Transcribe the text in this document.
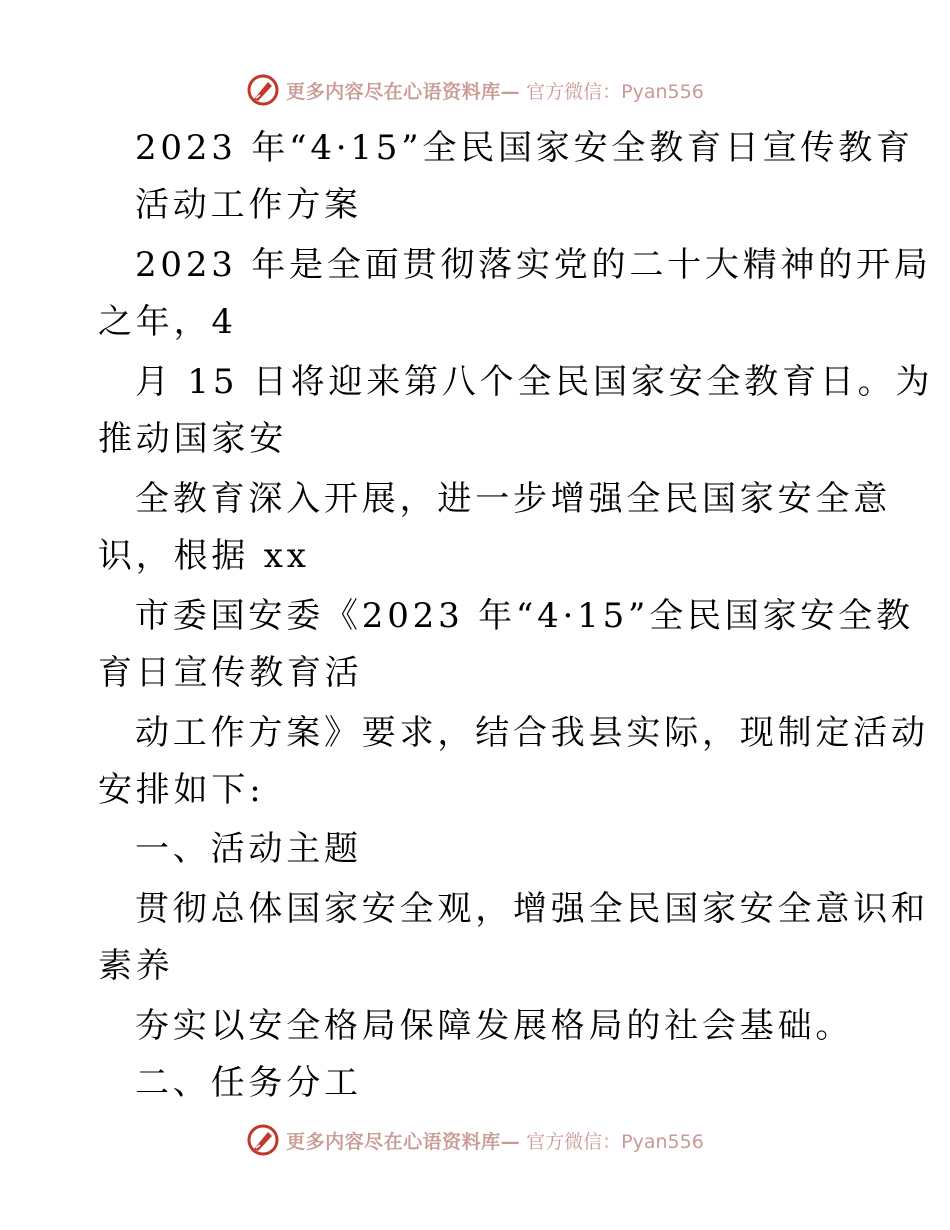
更多内容尽在心语资料库— 官方微信：Pyan556
2023 年“4·15”全民国家安全教育日宣传教育
活动工作方案
2023 年是全面贯彻落实党的二十大精神的开局
之年，4
月 15 日将迎来第八个全民国家安全教育日。为
推动国家安
全教育深入开展，进一步增强全民国家安全意
识，根据 xx
市委国安委《2023 年“4·15”全民国家安全教
育日宣传教育活
动工作方案》要求，结合我县实际，现制定活动
安排如下:
一、活动主题
贯彻总体国家安全观，增强全民国家安全意识和
素养
夯实以安全格局保障发展格局的社会基础。
二、任务分工
更多内容尽在心语资料库— 官方微信：Pyan556
